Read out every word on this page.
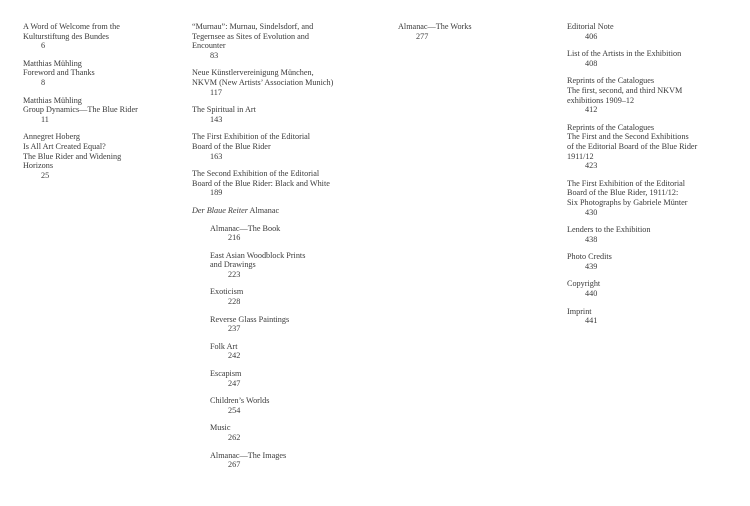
A Word of Welcome from the
Kulturstiftung des Bundes
6
Matthias Mühling
Foreword and Thanks
8
Matthias Mühling
Group Dynamics—The Blue Rider
11
Annegret Hoberg
Is All Art Created Equal?
The Blue Rider and Widening
Horizons
25
“Murnau”: Murnau, Sindelsdorf, and
Tegernsee as Sites of Evolution and
Encounter
83
Neue Künstlervereinigung München,
NKVM (New Artists’ Association Munich)
117
The Spiritual in Art
143
The First Exhibition of the Editorial
Board of the Blue Rider
163
The Second Exhibition of the Editorial
Board of the Blue Rider: Black and White
189
Der Blaue Reiter Almanac
Almanac—The Book
216
East Asian Woodblock Prints
and Drawings
223
Exoticism
228
Reverse Glass Paintings
237
Folk Art
242
Escapism
247
Children’s Worlds
254
Music
262
Almanac—The Images
267
Almanac—The Works
277
Editorial Note
406
List of the Artists in the Exhibition
408
Reprints of the Catalogues
The first, second, and third NKVM
exhibitions 1909–12
412
Reprints of the Catalogues
The First and the Second Exhibitions
of the Editorial Board of the Blue Rider
1911/12
423
The First Exhibition of the Editorial
Board of the Blue Rider, 1911/12:
Six Photographs by Gabriele Münter
430
Lenders to the Exhibition
438
Photo Credits
439
Copyright
440
Imprint
441
